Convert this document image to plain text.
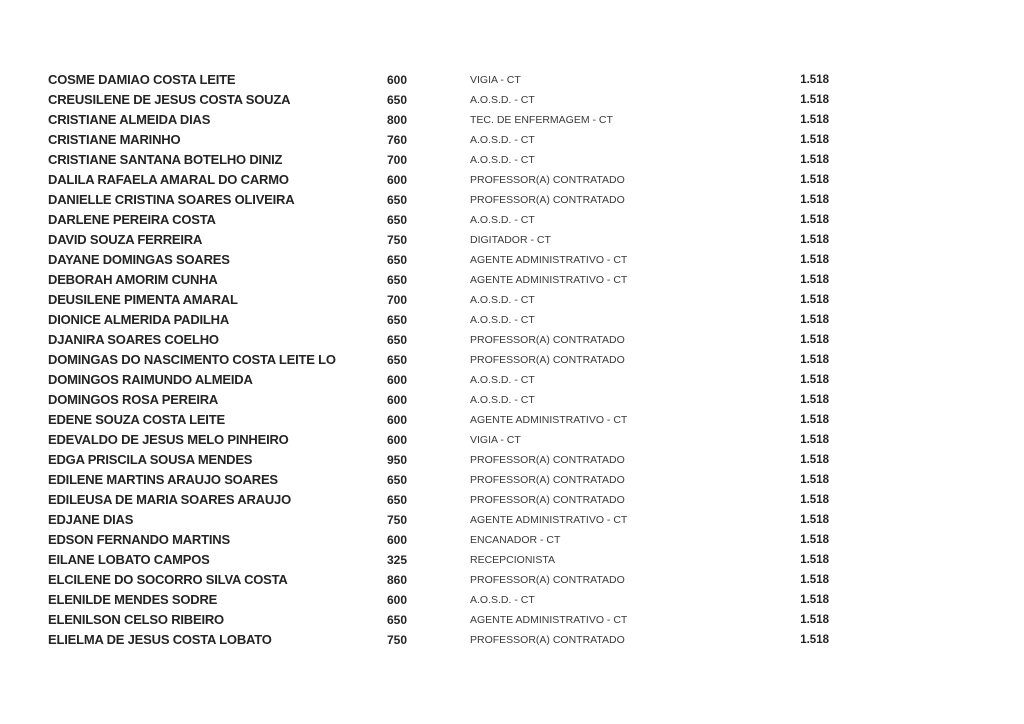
COSME DAMIAO COSTA LEITE	600	VIGIA - CT	1.518
CREUSILENE DE JESUS COSTA SOUZA	650	A.O.S.D. - CT	1.518
CRISTIANE ALMEIDA DIAS	800	TEC. DE ENFERMAGEM - CT	1.518
CRISTIANE MARINHO	760	A.O.S.D. - CT	1.518
CRISTIANE SANTANA BOTELHO DINIZ	700	A.O.S.D. - CT	1.518
DALILA RAFAELA AMARAL DO CARMO	600	PROFESSOR(A) CONTRATADO	1.518
DANIELLE CRISTINA SOARES OLIVEIRA	650	PROFESSOR(A) CONTRATADO	1.518
DARLENE PEREIRA COSTA	650	A.O.S.D. - CT	1.518
DAVID SOUZA FERREIRA	750	DIGITADOR - CT	1.518
DAYANE DOMINGAS SOARES	650	AGENTE ADMINISTRATIVO - CT	1.518
DEBORAH AMORIM CUNHA	650	AGENTE ADMINISTRATIVO - CT	1.518
DEUSILENE PIMENTA AMARAL	700	A.O.S.D. - CT	1.518
DIONICE ALMERIDA PADILHA	650	A.O.S.D. - CT	1.518
DJANIRA SOARES COELHO	650	PROFESSOR(A) CONTRATADO	1.518
DOMINGAS DO NASCIMENTO COSTA LEITE LO	650	PROFESSOR(A) CONTRATADO	1.518
DOMINGOS RAIMUNDO ALMEIDA	600	A.O.S.D. - CT	1.518
DOMINGOS ROSA PEREIRA	600	A.O.S.D. - CT	1.518
EDENE SOUZA COSTA LEITE	600	AGENTE ADMINISTRATIVO - CT	1.518
EDEVALDO DE JESUS MELO PINHEIRO	600	VIGIA - CT	1.518
EDGA PRISCILA SOUSA MENDES	950	PROFESSOR(A) CONTRATADO	1.518
EDILENE MARTINS ARAUJO SOARES	650	PROFESSOR(A) CONTRATADO	1.518
EDILEUSA DE MARIA SOARES ARAUJO	650	PROFESSOR(A) CONTRATADO	1.518
EDJANE DIAS	750	AGENTE ADMINISTRATIVO - CT	1.518
EDSON FERNANDO MARTINS	600	ENCANADOR - CT	1.518
EILANE LOBATO CAMPOS	325	RECEPCIONISTA	1.518
ELCILENE DO SOCORRO SILVA COSTA	860	PROFESSOR(A) CONTRATADO	1.518
ELENILDE MENDES SODRE	600	A.O.S.D. - CT	1.518
ELENILSON CELSO RIBEIRO	650	AGENTE ADMINISTRATIVO - CT	1.518
ELIELMA DE JESUS COSTA LOBATO	750	PROFESSOR(A) CONTRATADO	1.518
